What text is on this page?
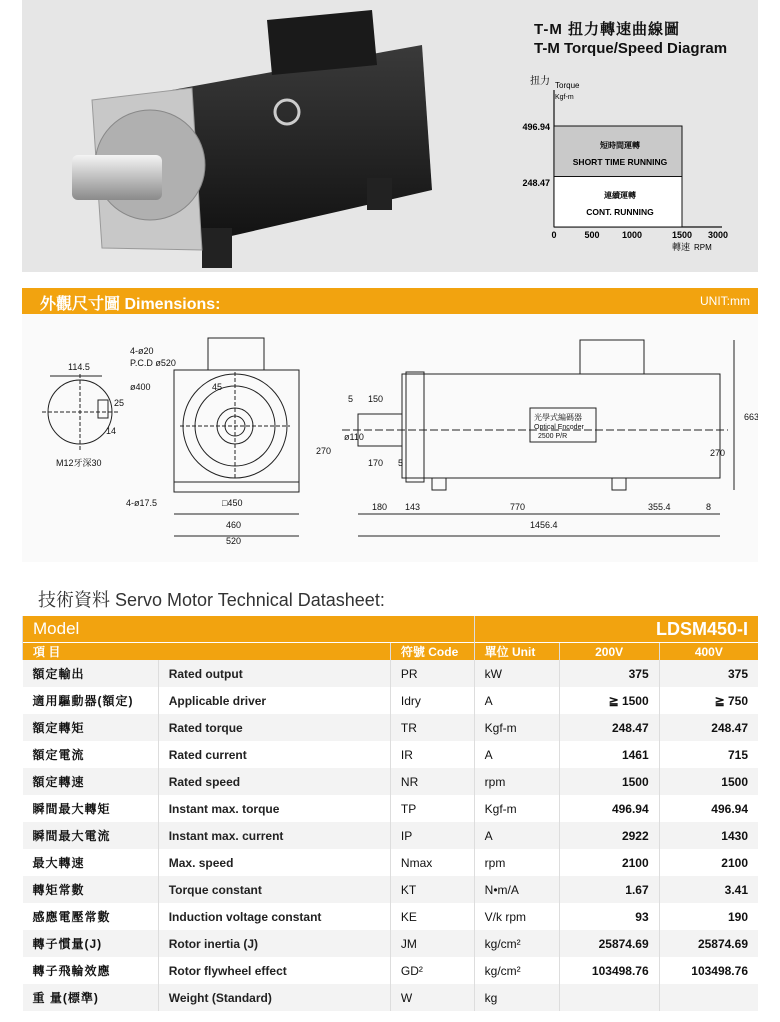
T-M 扭力轉速曲線圖
T-M Torque/Speed Diagram
扭力 Torque
Kgf-m
496.94
248.47
短時間運轉
SHORT TIME RUNNING
連續運轉
CONT. RUNNING
0	500 1000	1500 3000
轉速 RPM
外觀尺寸圖 Dimensions:	UNIT:mm
114.5
25
14
M12牙深30
4-ø20
P.C.D ø520
ø400	45
270
4-ø17.5	□450
460
520
5 150
ø110
170 5
180 143	770	355.4	8
1456.4
663
270
光學式編碼器
Optical Encoder
2500 P/R
技術資料 Servo Motor Technical Datasheet:
Model			LDSM450-I		
項 目		符號 Code	單位 Unit	200V	400V
額定輸出	Rated output	PR	kW	375	375
適用驅動器(額定)	Applicable driver	Idry	A	≧ 1500	≧ 750
額定轉矩	Rated torque	TR	Kgf-m	248.47	248.47
額定電流	Rated current	IR	A	1461	715
額定轉速	Rated speed	NR	rpm	1500	1500
瞬間最大轉矩	Instant max. torque	TP	Kgf-m	496.94	496.94
瞬間最大電流	Instant max. current	IP	A	2922	1430
最大轉速	Max. speed	Nmax	rpm	2100	2100
轉矩常數	Torque constant	KT	N•m/A	1.67	3.41
感應電壓常數	Induction voltage constant	KE	V/k rpm	93	190
轉子慣量(J)	Rotor inertia (J)	JM	kg/cm²	25874.69	25874.69
轉子飛輪效應	Rotor flywheel effect	GD²	kg/cm²	103498.76	103498.76
重 量(標準)	Weight (Standard)	W	kg		
